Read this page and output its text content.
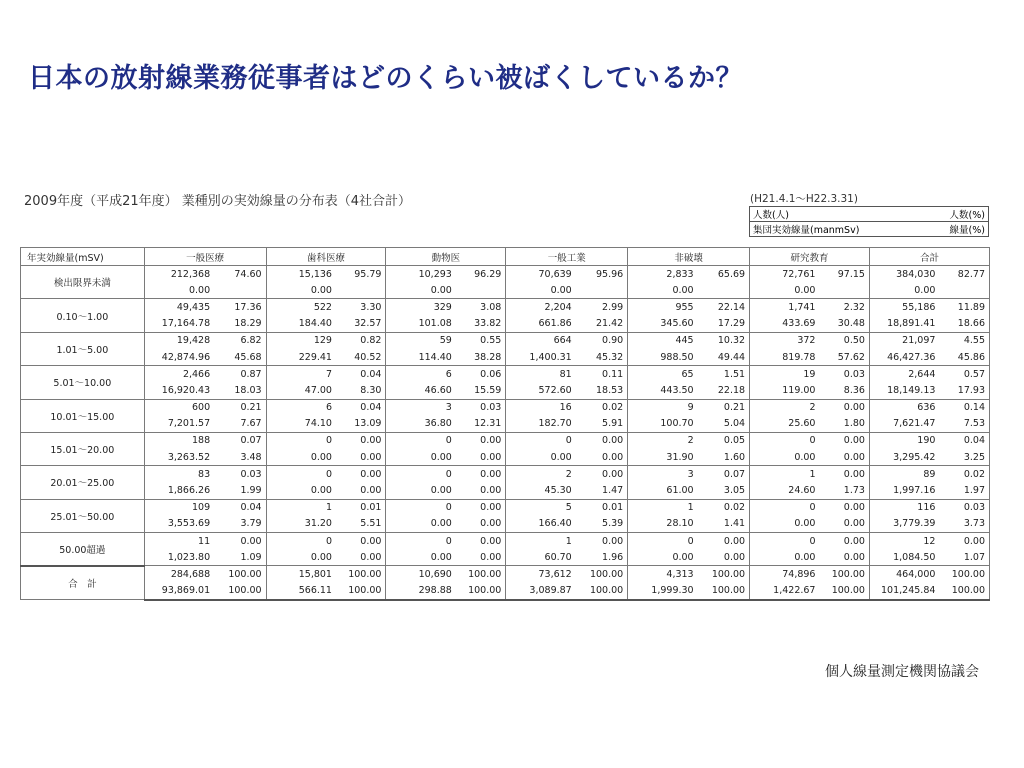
日本の放射線業務従事者はどのくらい被ばくしているか？
2009年度（平成21年度） 業種別の実効線量の分布表（4社合計）	(H21.4.1～H22.3.31)
人数(人)	人数(%)
集団実効線量(manmSv)	線量(%)
年実効線量(mSV)	一般医療		歯科医療		動物医		一般工業		非破壊		研究教育		合計	
検出限界未満	212,368	74.60	15,136	95.79	10,293	96.29	70,639	95.96	2,833	65.69	72,761	97.15	384,030	82.77
	0.00		0.00		0.00		0.00		0.00		0.00		0.00	
0.10～1.00	49,435	17.36	522	3.30	329	3.08	2,204	2.99	955	22.14	1,741	2.32	55,186	11.89
	17,164.78	18.29	184.40	32.57	101.08	33.82	661.86	21.42	345.60	17.29	433.69	30.48	18,891.41	18.66
1.01～5.00	19,428	6.82	129	0.82	59	0.55	664	0.90	445	10.32	372	0.50	21,097	4.55
	42,874.96	45.68	229.41	40.52	114.40	38.28	1,400.31	45.32	988.50	49.44	819.78	57.62	46,427.36	45.86
5.01～10.00	2,466	0.87	7	0.04	6	0.06	81	0.11	65	1.51	19	0.03	2,644	0.57
	16,920.43	18.03	47.00	8.30	46.60	15.59	572.60	18.53	443.50	22.18	119.00	8.36	18,149.13	17.93
10.01～15.00	600	0.21	6	0.04	3	0.03	16	0.02	9	0.21	2	0.00	636	0.14
	7,201.57	7.67	74.10	13.09	36.80	12.31	182.70	5.91	100.70	5.04	25.60	1.80	7,621.47	7.53
15.01～20.00	188	0.07	0	0.00	0	0.00	0	0.00	2	0.05	0	0.00	190	0.04
	3,263.52	3.48	0.00	0.00	0.00	0.00	0.00	0.00	31.90	1.60	0.00	0.00	3,295.42	3.25
20.01～25.00	83	0.03	0	0.00	0	0.00	2	0.00	3	0.07	1	0.00	89	0.02
	1,866.26	1.99	0.00	0.00	0.00	0.00	45.30	1.47	61.00	3.05	24.60	1.73	1,997.16	1.97
25.01～50.00	109	0.04	1	0.01	0	0.00	5	0.01	1	0.02	0	0.00	116	0.03
	3,553.69	3.79	31.20	5.51	0.00	0.00	166.40	5.39	28.10	1.41	0.00	0.00	3,779.39	3.73
50.00超過	11	0.00	0	0.00	0	0.00	1	0.00	0	0.00	0	0.00	12	0.00
	1,023.80	1.09	0.00	0.00	0.00	0.00	60.70	1.96	0.00	0.00	0.00	0.00	1,084.50	1.07
合　計	284,688	100.00	15,801	100.00	10,690	100.00	73,612	100.00	4,313	100.00	74,896	100.00	464,000	100.00
	93,869.01	100.00	566.11	100.00	298.88	100.00	3,089.87	100.00	1,999.30	100.00	1,422.67	100.00	101,245.84	100.00
個人線量測定機関協議会
